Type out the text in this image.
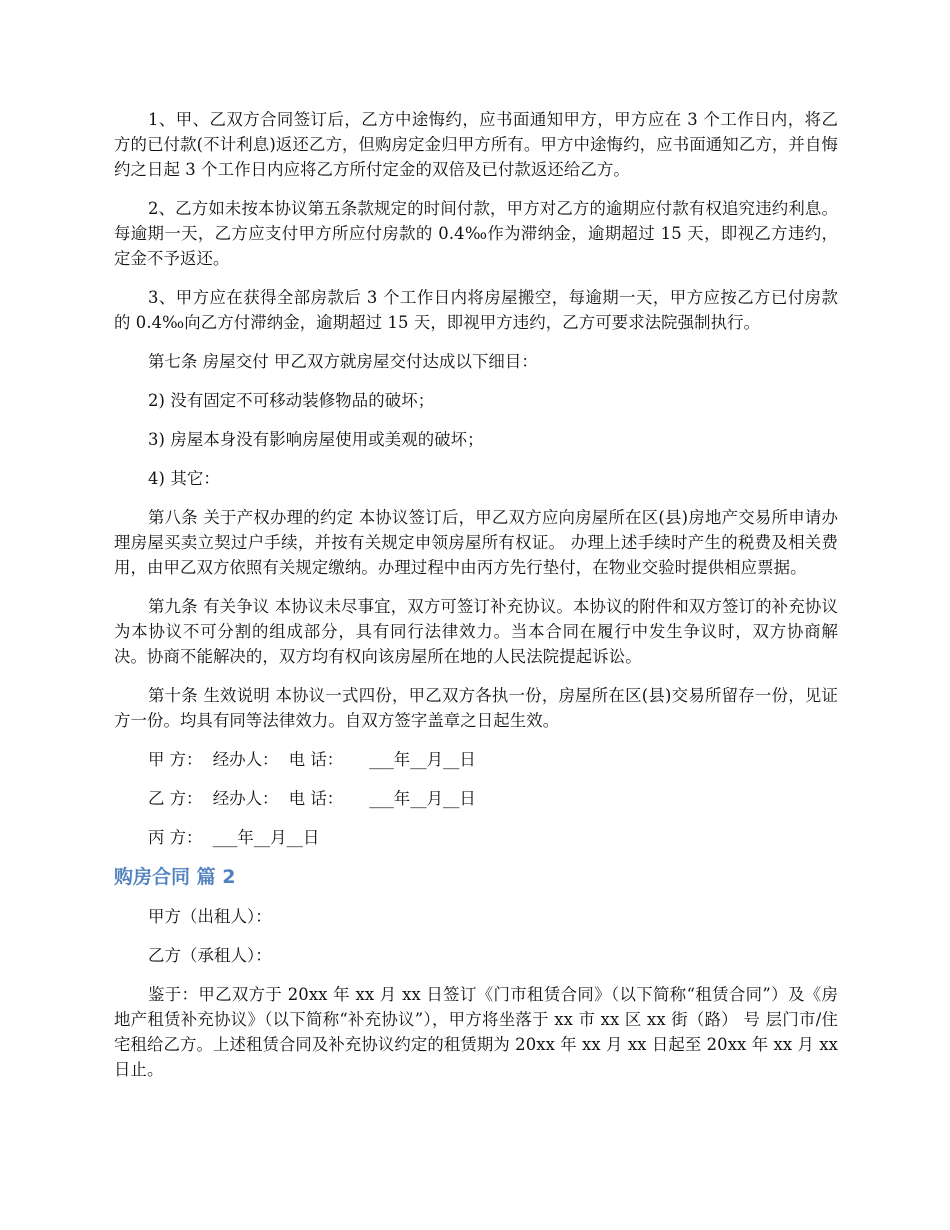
1、甲、乙双方合同签订后，乙方中途悔约，应书面通知甲方，甲方应在 3 个工作日内，将乙方的已付款(不计利息)返还乙方，但购房定金归甲方所有。甲方中途悔约，应书面通知乙方，并自悔约之日起 3 个工作日内应将乙方所付定金的双倍及已付款返还给乙方。

2、乙方如未按本协议第五条款规定的时间付款，甲方对乙方的逾期应付款有权追究违约利息。每逾期一天，乙方应支付甲方所应付房款的 0.4‰作为滞纳金，逾期超过 15 天，即视乙方违约，定金不予返还。

3、甲方应在获得全部房款后 3 个工作日内将房屋搬空，每逾期一天，甲方应按乙方已付房款的 0.4‰向乙方付滞纳金，逾期超过 15 天，即视甲方违约，乙方可要求法院强制执行。

第七条 房屋交付 甲乙双方就房屋交付达成以下细目：

2) 没有固定不可移动装修物品的破坏；

3) 房屋本身没有影响房屋使用或美观的破坏；

4) 其它：

第八条 关于产权办理的约定 本协议签订后，甲乙双方应向房屋所在区(县)房地产交易所申请办理房屋买卖立契过户手续，并按有关规定申领房屋所有权证。 办理上述手续时产生的税费及相关费用，由甲乙双方依照有关规定缴纳。办理过程中由丙方先行垫付，在物业交验时提供相应票据。

第九条 有关争议 本协议未尽事宜，双方可签订补充协议。本协议的附件和双方签订的补充协议为本协议不可分割的组成部分，具有同行法律效力。当本合同在履行中发生争议时，双方协商解决。协商不能解决的，双方均有权向该房屋所在地的人民法院提起诉讼。

第十条 生效说明 本协议一式四份，甲乙双方各执一份，房屋所在区(县)交易所留存一份，见证方一份。均具有同等法律效力。自双方签字盖章之日起生效。

甲 方：  经办人：  电 话：     ___年__月__日
乙 方：  经办人：  电 话：     ___年__月__日
丙 方：  ___年__月__日
购房合同 篇 2

甲方（出租人）：

乙方（承租人）：

鉴于：甲乙双方于 20xx 年 xx 月 xx 日签订《门市租赁合同》（以下简称“租赁合同”）及《房地产租赁补充协议》（以下简称“补充协议”），甲方将坐落于 xx 市 xx 区 xx 街（路） 号 层门市/住宅租给乙方。上述租赁合同及补充协议约定的租赁期为 20xx 年 xx 月 xx 日起至 20xx 年 xx 月 xx 日止。
